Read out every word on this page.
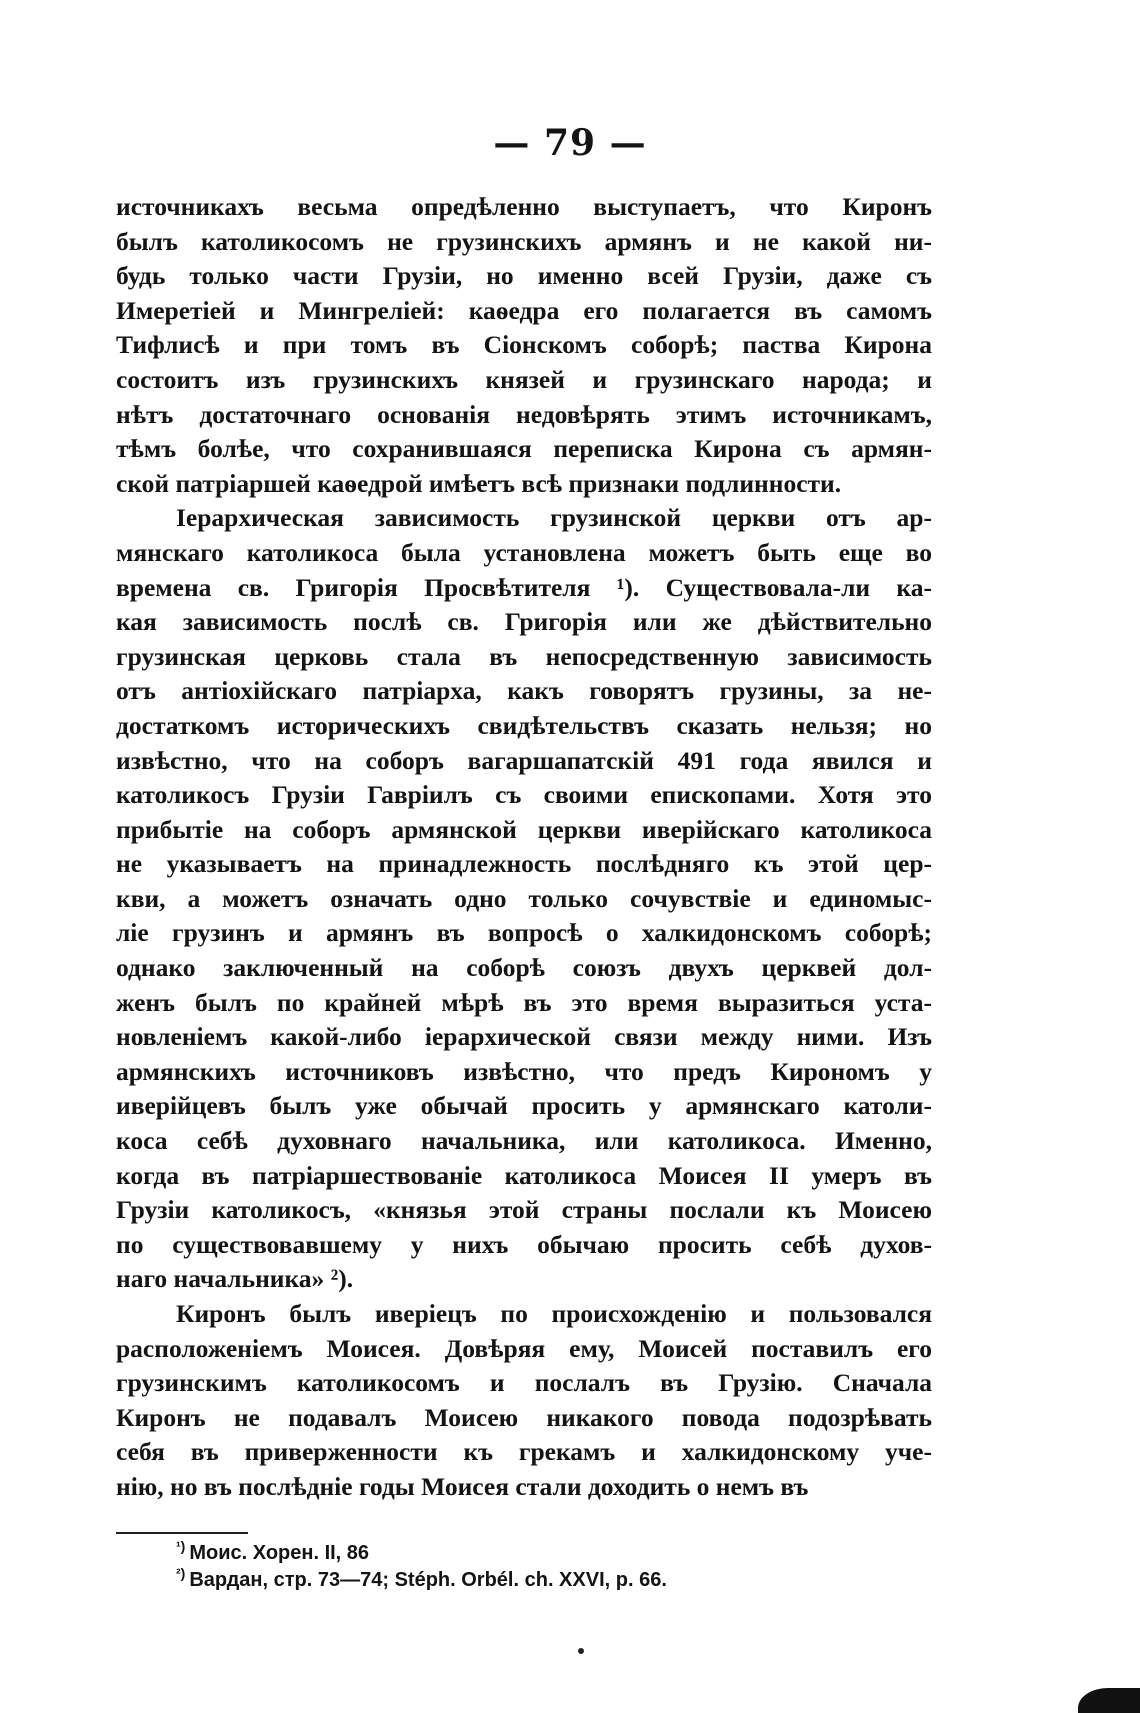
— 79 —
источникахъ весьма опредѣленно выступаетъ, что Киронъ
былъ католикосомъ не грузинскихъ армянъ и не какой ни-
будь только части Грузіи, но именно всей Грузіи, даже съ
Имеретіей и Мингреліей: каѳедра его полагается въ самомъ
Тифлисѣ и при томъ въ Сіонскомъ соборѣ; паства Кирона
состоитъ изъ грузинскихъ князей и грузинскаго народа; и
нѣтъ достаточнаго основанія недовѣрять этимъ источникамъ,
тѣмъ болѣе, что сохранившаяся переписка Кирона съ армян-
ской патріаршей каѳедрой имѣетъ всѣ признаки подлинности.
Іерархическая зависимость грузинской церкви отъ ар-
мянскаго католикоса была установлена можетъ быть еще во
времена св. Григорія Просвѣтителя ¹). Существовала-ли ка-
кая зависимость послѣ св. Григорія или же дѣйствительно
грузинская церковь стала въ непосредственную зависимость
отъ антіохійскаго патріарха, какъ говорятъ грузины, за не-
достаткомъ историческихъ свидѣтельствъ сказать нельзя; но
извѣстно, что на соборъ вагаршапатскій 491 года явился и
католикосъ Грузіи Гавріилъ съ своими епископами. Хотя это
прибытіе на соборъ армянской церкви иверійскаго католикоса
не указываетъ на принадлежность послѣдняго къ этой цер-
кви, а можетъ означать одно только сочувствіе и единомыс-
ліе грузинъ и армянъ въ вопросѣ о халкидонскомъ соборѣ;
однако заключенный на соборѣ союзъ двухъ церквей дол-
женъ былъ по крайней мѣрѣ въ это время выразиться уста-
новленіемъ какой-либо іерархической связи между ними. Изъ
армянскихъ источниковъ извѣстно, что предъ Кирономъ у
иверійцевъ былъ уже обычай просить у армянскаго католи-
коса себѣ духовнаго начальника, или католикоса. Именно,
когда въ патріаршествованіе католикоса Моисея II умеръ въ
Грузіи католикосъ, «князья этой страны послали къ Моисею
по существовавшему у нихъ обычаю просить себѣ духов-
наго начальника» ²).
Киронъ былъ иверіецъ по происхожденію и пользовался
расположеніемъ Моисея. Довѣряя ему, Моисей поставилъ его
грузинскимъ католикосомъ и послалъ въ Грузію. Сначала
Киронъ не подавалъ Моисею никакого повода подозрѣвать
себя въ приверженности къ грекамъ и халкидонскому уче-
нію, но въ послѣдніе годы Моисея стали доходить о немъ въ
$^{^1)}$ Моис. Хорен. II, 86
$^{^2)}$ Вардан, стр. 73—74; Stéph. Orbél. ch. XXVI, p. 66.
